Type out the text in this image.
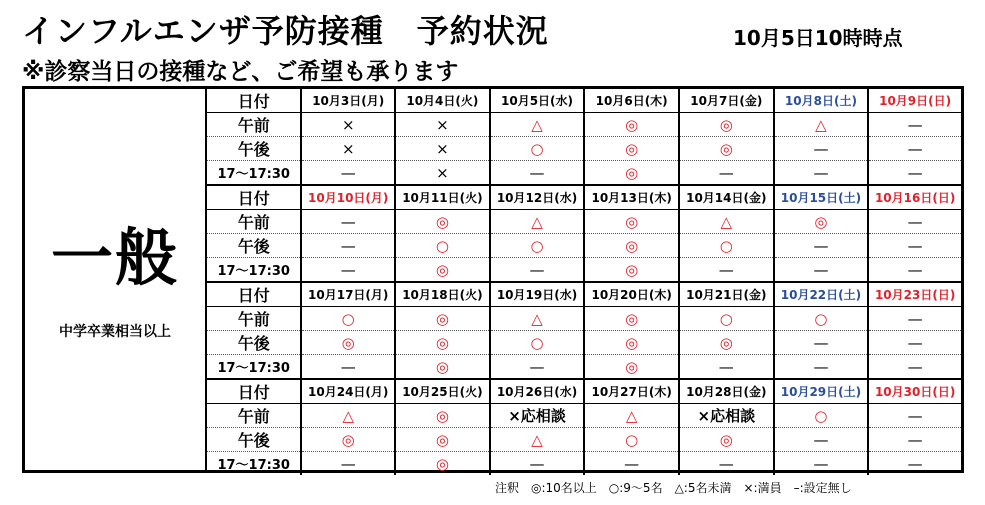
インフルエンザ予防接種　予約状況	10月5日10時時点
※診察当日の接種など、ご希望も承ります
一般
中学卒業相当以上
日付	10月3日(月)	10月4日(火)	10月5日(水)	10月6日(木)	10月7日(金)	10月8日(土)	10月9日(日)
午前	×	×	△	◎	◎	△	—
午後	×	×	○	◎	◎	—	—
17～17:30	—	×	—	◎	—	—	—
日付	10月10日(月)	10月11日(火)	10月12日(水)	10月13日(木)	10月14日(金)	10月15日(土)	10月16日(日)
午前	—	◎	△	◎	△	◎	—
午後	—	○	○	◎	○	—	—
17～17:30	—	◎	—	◎	—	—	—
日付	10月17日(月)	10月18日(火)	10月19日(水)	10月20日(木)	10月21日(金)	10月22日(土)	10月23日(日)
午前	○	◎	△	◎	○	○	—
午後	◎	◎	○	◎	◎	—	—
17～17:30	—	◎	—	◎	—	—	—
日付	10月24日(月)	10月25日(火)	10月26日(水)	10月27日(木)	10月28日(金)	10月29日(土)	10月30日(日)
午前	△	◎	×応相談	△	×応相談	○	—
午後	◎	◎	△	○	◎	—	—
17～17:30	—	◎	—	—	—	—	—
注釈　◎:10名以上　○:9～5名　△:5名未満　×:満員　–:設定無し
